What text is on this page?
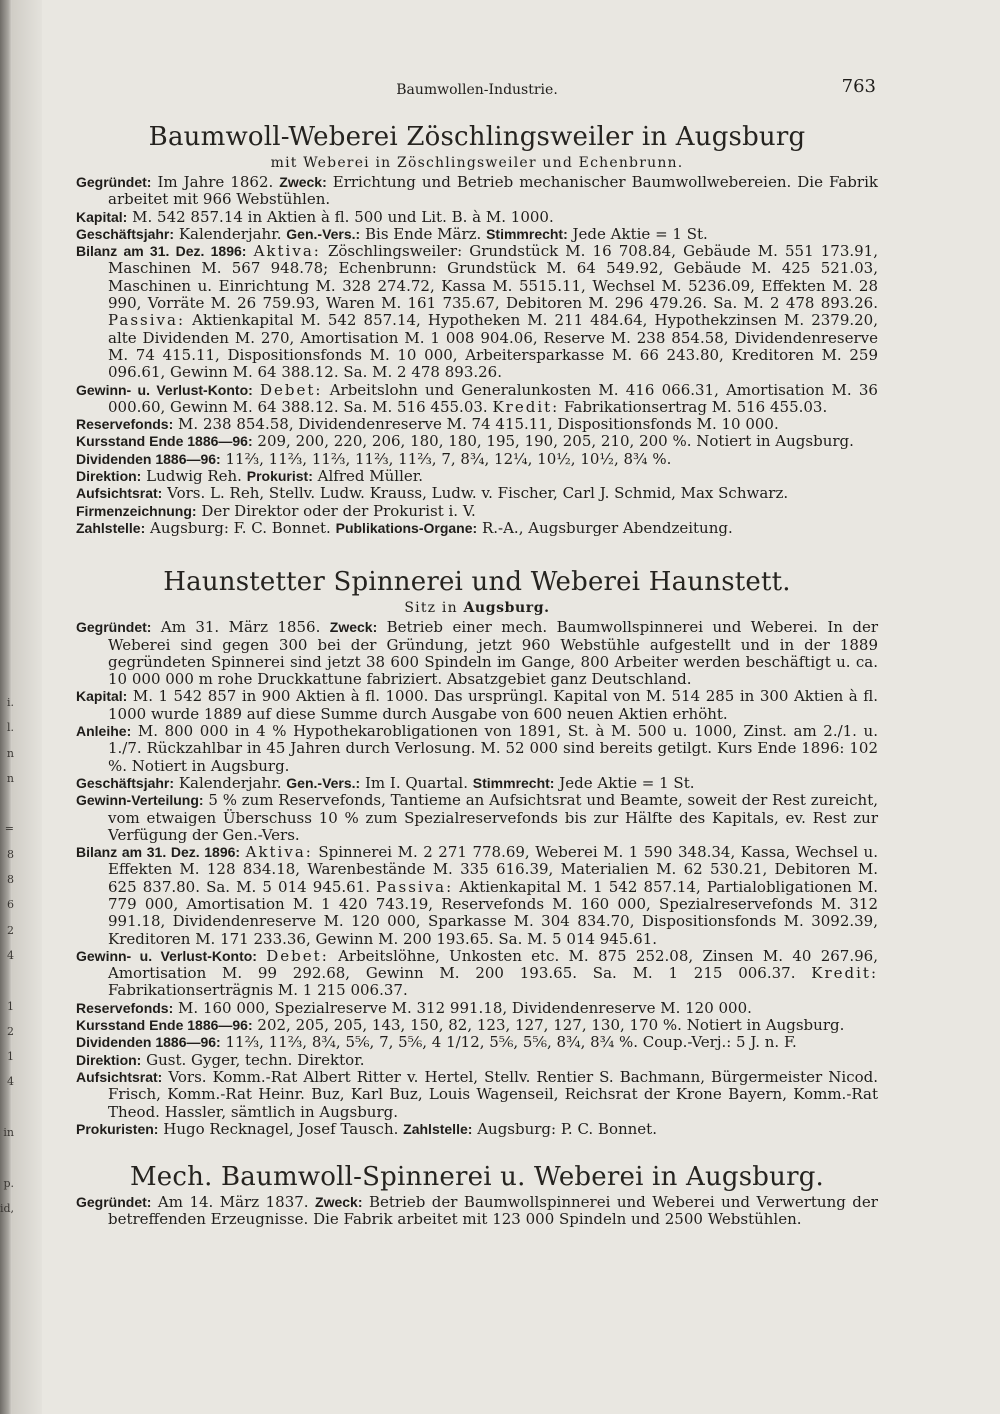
i.
l.
n
n
=
8
8
6
2
4
1
2
1
4
in
p.
id,
Baumwollen-Industrie.	763
Baumwoll-Weberei Zöschlingsweiler in Augsburg
mit Weberei in Zöschlingsweiler und Echenbrunn.

Gegründet: Im Jahre 1862. Zweck: Errichtung und Betrieb mechanischer Baumwollwebereien. Die Fabrik arbeitet mit 966 Webstühlen.

Kapital: M. 542 857.14 in Aktien à fl. 500 und Lit. B. à M. 1000.

Geschäftsjahr: Kalenderjahr. Gen.-Vers.: Bis Ende März. Stimmrecht: Jede Aktie = 1 St.

Bilanz am 31. Dez. 1896: Aktiva: Zöschlingsweiler: Grundstück M. 16 708.84, Gebäude M. 551 173.91, Maschinen M. 567 948.78; Echenbrunn: Grundstück M. 64 549.92, Gebäude M. 425 521.03, Maschinen u. Einrichtung M. 328 274.72, Kassa M. 5515.11, Wechsel M. 5236.09, Effekten M. 28 990, Vorräte M. 26 759.93, Waren M. 161 735.67, Debitoren M. 296 479.26. Sa. M. 2 478 893.26. Passiva: Aktienkapital M. 542 857.14, Hypotheken M. 211 484.64, Hypothekzinsen M. 2379.20, alte Dividenden M. 270, Amortisation M. 1 008 904.06, Reserve M. 238 854.58, Dividendenreserve M. 74 415.11, Dispositionsfonds M. 10 000, Arbeitersparkasse M. 66 243.80, Kreditoren M. 259 096.61, Gewinn M. 64 388.12. Sa. M. 2 478 893.26.

Gewinn- u. Verlust-Konto: Debet: Arbeitslohn und Generalunkosten M. 416 066.31, Amortisation M. 36 000.60, Gewinn M. 64 388.12. Sa. M. 516 455.03. Kredit: Fabrikationsertrag M. 516 455.03.

Reservefonds: M. 238 854.58, Dividendenreserve M. 74 415.11, Dispositionsfonds M. 10 000.

Kursstand Ende 1886—96: 209, 200, 220, 206, 180, 180, 195, 190, 205, 210, 200 %. Notiert in Augsburg.

Dividenden 1886—96: 11⅔, 11⅔, 11⅔, 11⅔, 11⅔, 7, 8¾, 12¼, 10½, 10½, 8¾ %.

Direktion: Ludwig Reh. Prokurist: Alfred Müller.

Aufsichtsrat: Vors. L. Reh, Stellv. Ludw. Krauss, Ludw. v. Fischer, Carl J. Schmid, Max Schwarz.

Firmenzeichnung: Der Direktor oder der Prokurist i. V.

Zahlstelle: Augsburg: F. C. Bonnet. Publikations-Organe: R.-A., Augsburger Abendzeitung.

Haunstetter Spinnerei und Weberei Haunstett.
Sitz in Augsburg.

Gegründet: Am 31. März 1856. Zweck: Betrieb einer mech. Baumwollspinnerei und Weberei. In der Weberei sind gegen 300 bei der Gründung, jetzt 960 Webstühle aufgestellt und in der 1889 gegründeten Spinnerei sind jetzt 38 600 Spindeln im Gange, 800 Arbeiter werden beschäftigt u. ca. 10 000 000 m rohe Druckkattune fabriziert. Absatzgebiet ganz Deutschland.

Kapital: M. 1 542 857 in 900 Aktien à fl. 1000. Das ursprüngl. Kapital von M. 514 285 in 300 Aktien à fl. 1000 wurde 1889 auf diese Summe durch Ausgabe von 600 neuen Aktien erhöht.

Anleihe: M. 800 000 in 4 % Hypothekarobligationen von 1891, St. à M. 500 u. 1000, Zinst. am 2./1. u. 1./7. Rückzahlbar in 45 Jahren durch Verlosung. M. 52 000 sind bereits getilgt. Kurs Ende 1896: 102 %. Notiert in Augsburg.

Geschäftsjahr: Kalenderjahr. Gen.-Vers.: Im I. Quartal. Stimmrecht: Jede Aktie = 1 St.

Gewinn-Verteilung: 5 % zum Reservefonds, Tantieme an Aufsichtsrat und Beamte, soweit der Rest zureicht, vom etwaigen Überschuss 10 % zum Spezialreservefonds bis zur Hälfte des Kapitals, ev. Rest zur Verfügung der Gen.-Vers.

Bilanz am 31. Dez. 1896: Aktiva: Spinnerei M. 2 271 778.69, Weberei M. 1 590 348.34, Kassa, Wechsel u. Effekten M. 128 834.18, Warenbestände M. 335 616.39, Materialien M. 62 530.21, Debitoren M. 625 837.80. Sa. M. 5 014 945.61. Passiva: Aktienkapital M. 1 542 857.14, Partialobligationen M. 779 000, Amortisation M. 1 420 743.19, Reservefonds M. 160 000, Spezialreservefonds M. 312 991.18, Dividendenreserve M. 120 000, Sparkasse M. 304 834.70, Dispositionsfonds M. 3092.39, Kreditoren M. 171 233.36, Gewinn M. 200 193.65. Sa. M. 5 014 945.61.

Gewinn- u. Verlust-Konto: Debet: Arbeitslöhne, Unkosten etc. M. 875 252.08, Zinsen M. 40 267.96, Amortisation M. 99 292.68, Gewinn M. 200 193.65. Sa. M. 1 215 006.37. Kredit: Fabrikationserträgnis M. 1 215 006.37.

Reservefonds: M. 160 000, Spezialreserve M. 312 991.18, Dividendenreserve M. 120 000.

Kursstand Ende 1886—96: 202, 205, 205, 143, 150, 82, 123, 127, 127, 130, 170 %. Notiert in Augsburg.

Dividenden 1886—96: 11⅔, 11⅔, 8¾, 5⅚, 7, 5⅚, 4 1/12, 5⅚, 5⅚, 8¾, 8¾ %. Coup.-Verj.: 5 J. n. F.

Direktion: Gust. Gyger, techn. Direktor.

Aufsichtsrat: Vors. Komm.-Rat Albert Ritter v. Hertel, Stellv. Rentier S. Bachmann, Bürgermeister Nicod. Frisch, Komm.-Rat Heinr. Buz, Karl Buz, Louis Wagenseil, Reichsrat der Krone Bayern, Komm.-Rat Theod. Hassler, sämtlich in Augsburg.

Prokuristen: Hugo Recknagel, Josef Tausch. Zahlstelle: Augsburg: P. C. Bonnet.

Mech. Baumwoll-Spinnerei u. Weberei in Augsburg.

Gegründet: Am 14. März 1837. Zweck: Betrieb der Baumwollspinnerei und Weberei und Verwertung der betreffenden Erzeugnisse. Die Fabrik arbeitet mit 123 000 Spindeln und 2500 Webstühlen.
